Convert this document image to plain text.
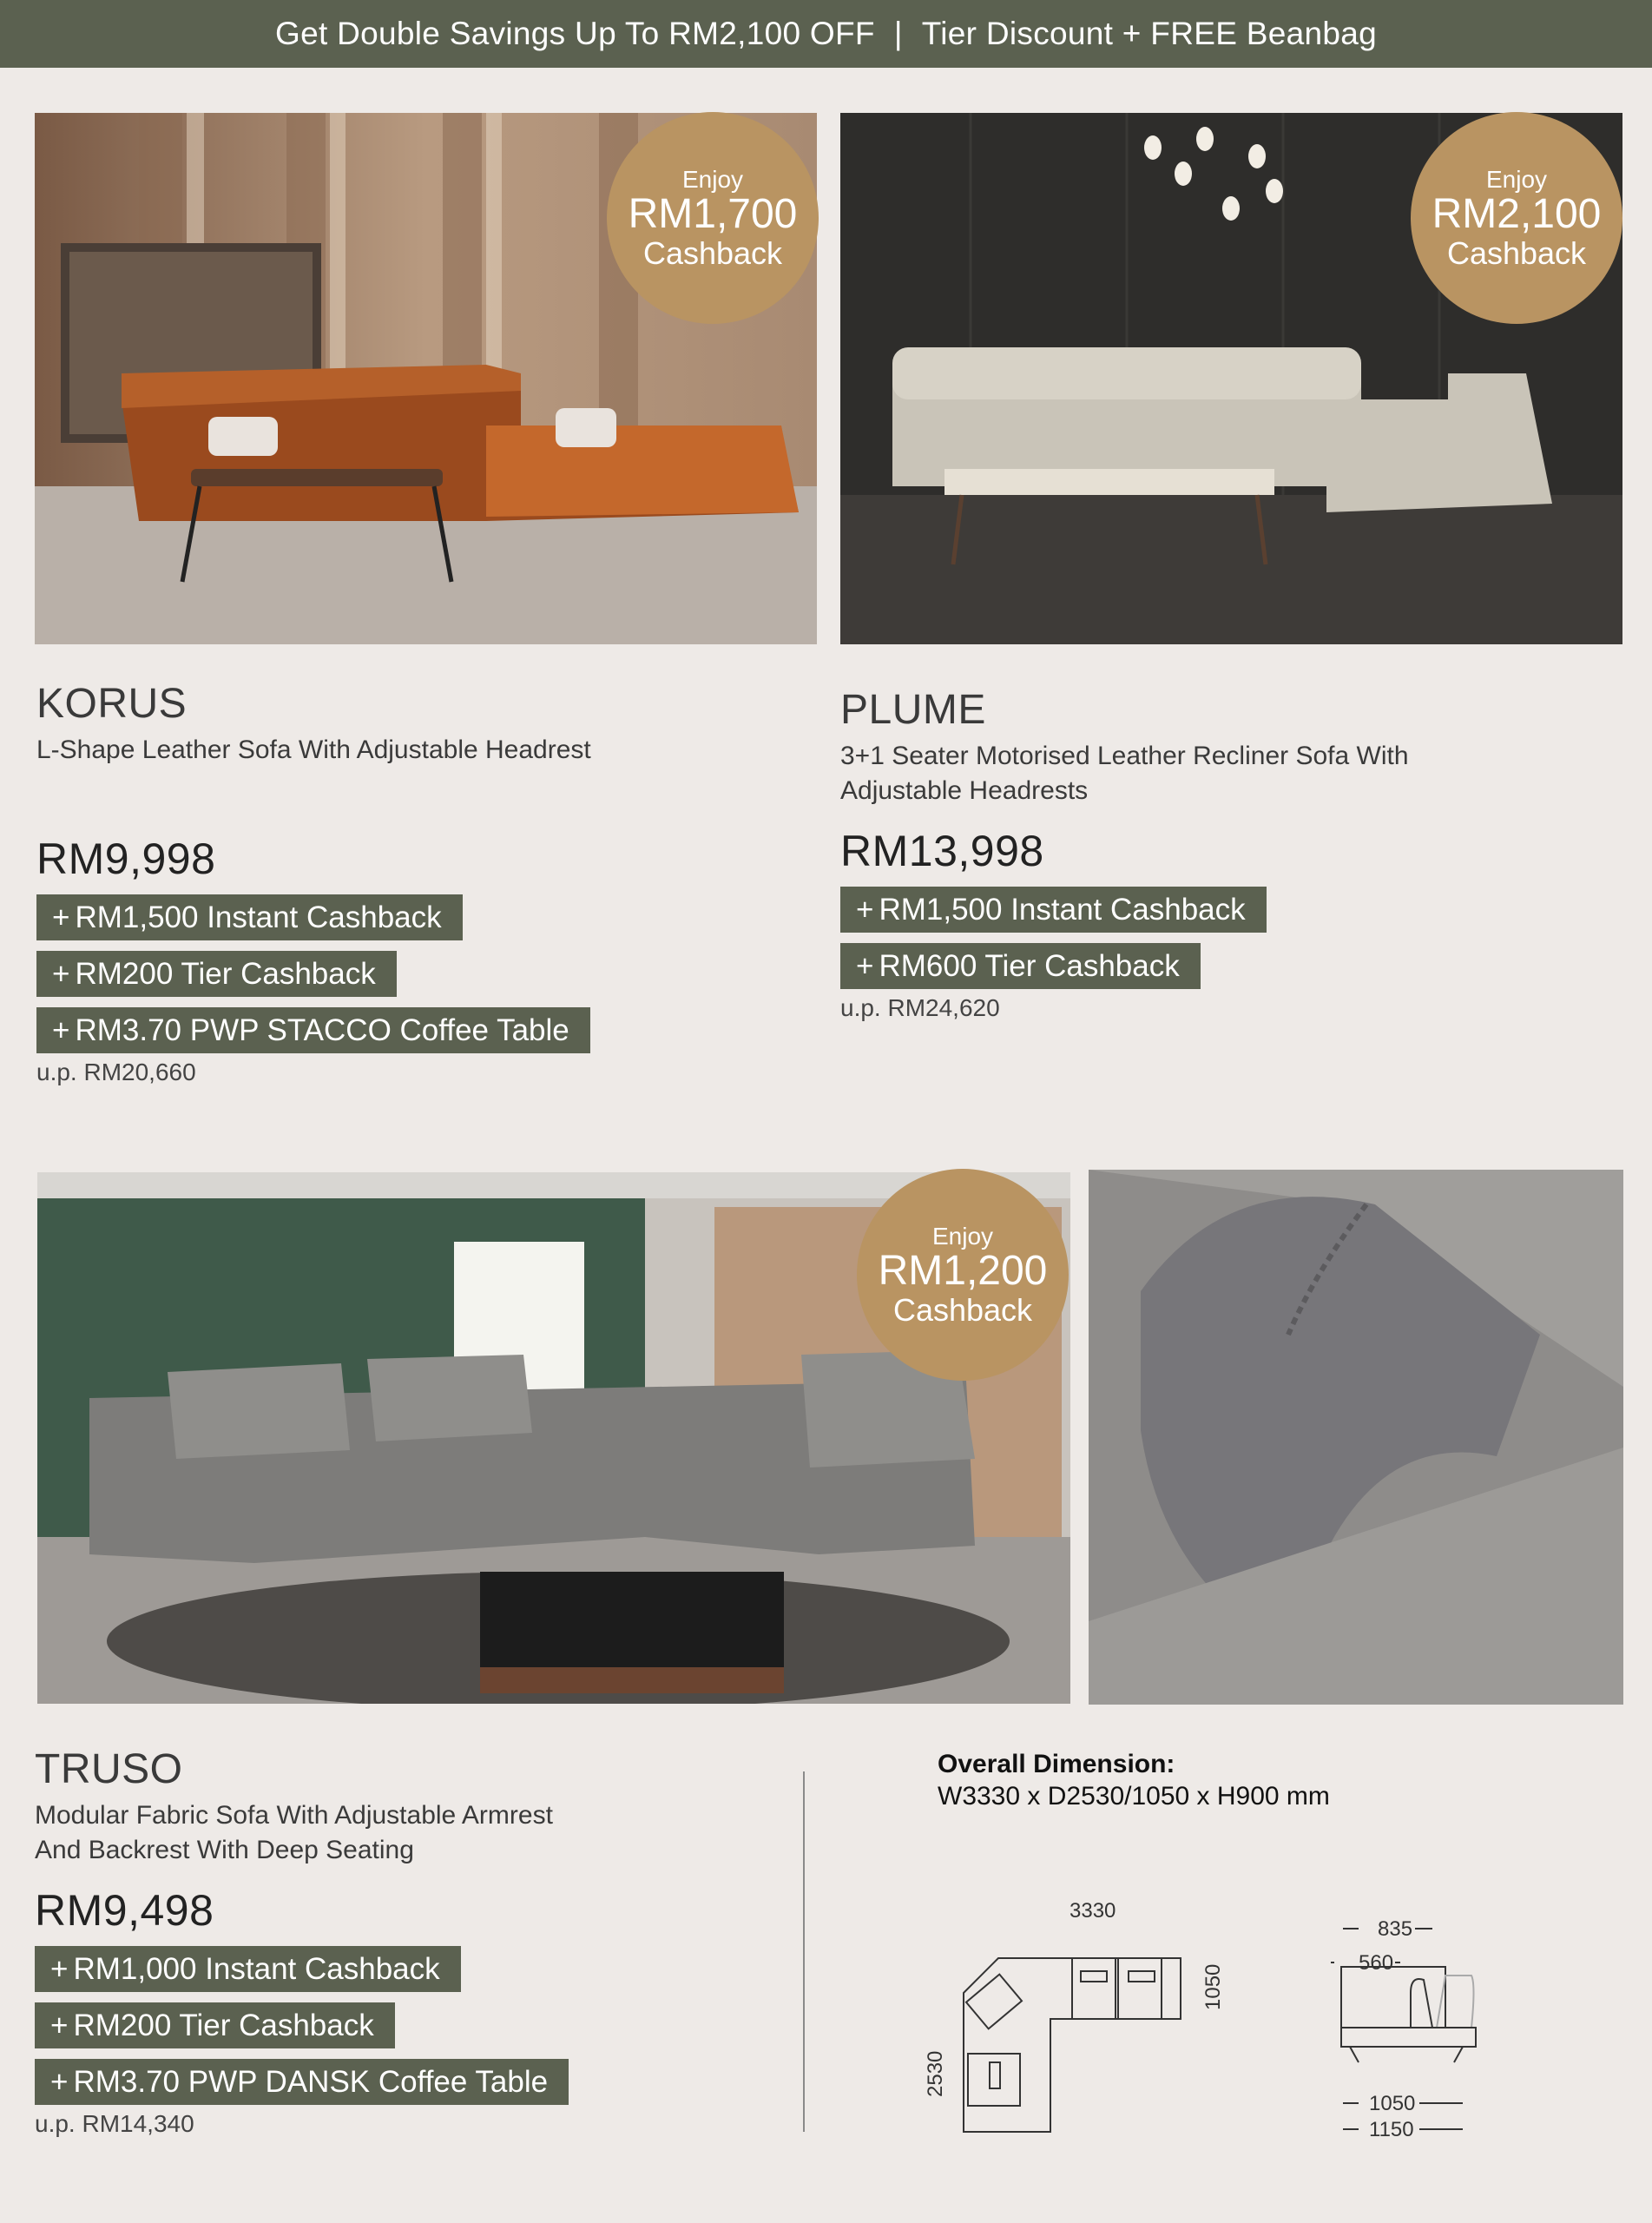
Get Double Savings Up To RM2,100 OFF | Tier Discount + FREE Beanbag
Enjoy
RM1,700
Cashback
Enjoy
RM2,100
Cashback
KORUS
L-Shape Leather Sofa With Adjustable Headrest
RM9,998
+ RM1,500 Instant Cashback
+ RM200 Tier Cashback
+ RM3.70 PWP STACCO Coffee Table
u.p. RM20,660
PLUME
3+1 Seater Motorised Leather Recliner Sofa With
Adjustable Headrests
RM13,998
+ RM1,500 Instant Cashback
+ RM600 Tier Cashback
u.p. RM24,620
Enjoy
RM1,200
Cashback
TRUSO
Modular Fabric Sofa With Adjustable Armrest
And Backrest With Deep Seating
RM9,498
+ RM1,000 Instant Cashback
+ RM200 Tier Cashback
+ RM3.70 PWP DANSK Coffee Table
u.p. RM14,340
Overall Dimension:
W3330 x D2530/1050 x H900 mm
3330
2530
1050
835
560
1050
1150
